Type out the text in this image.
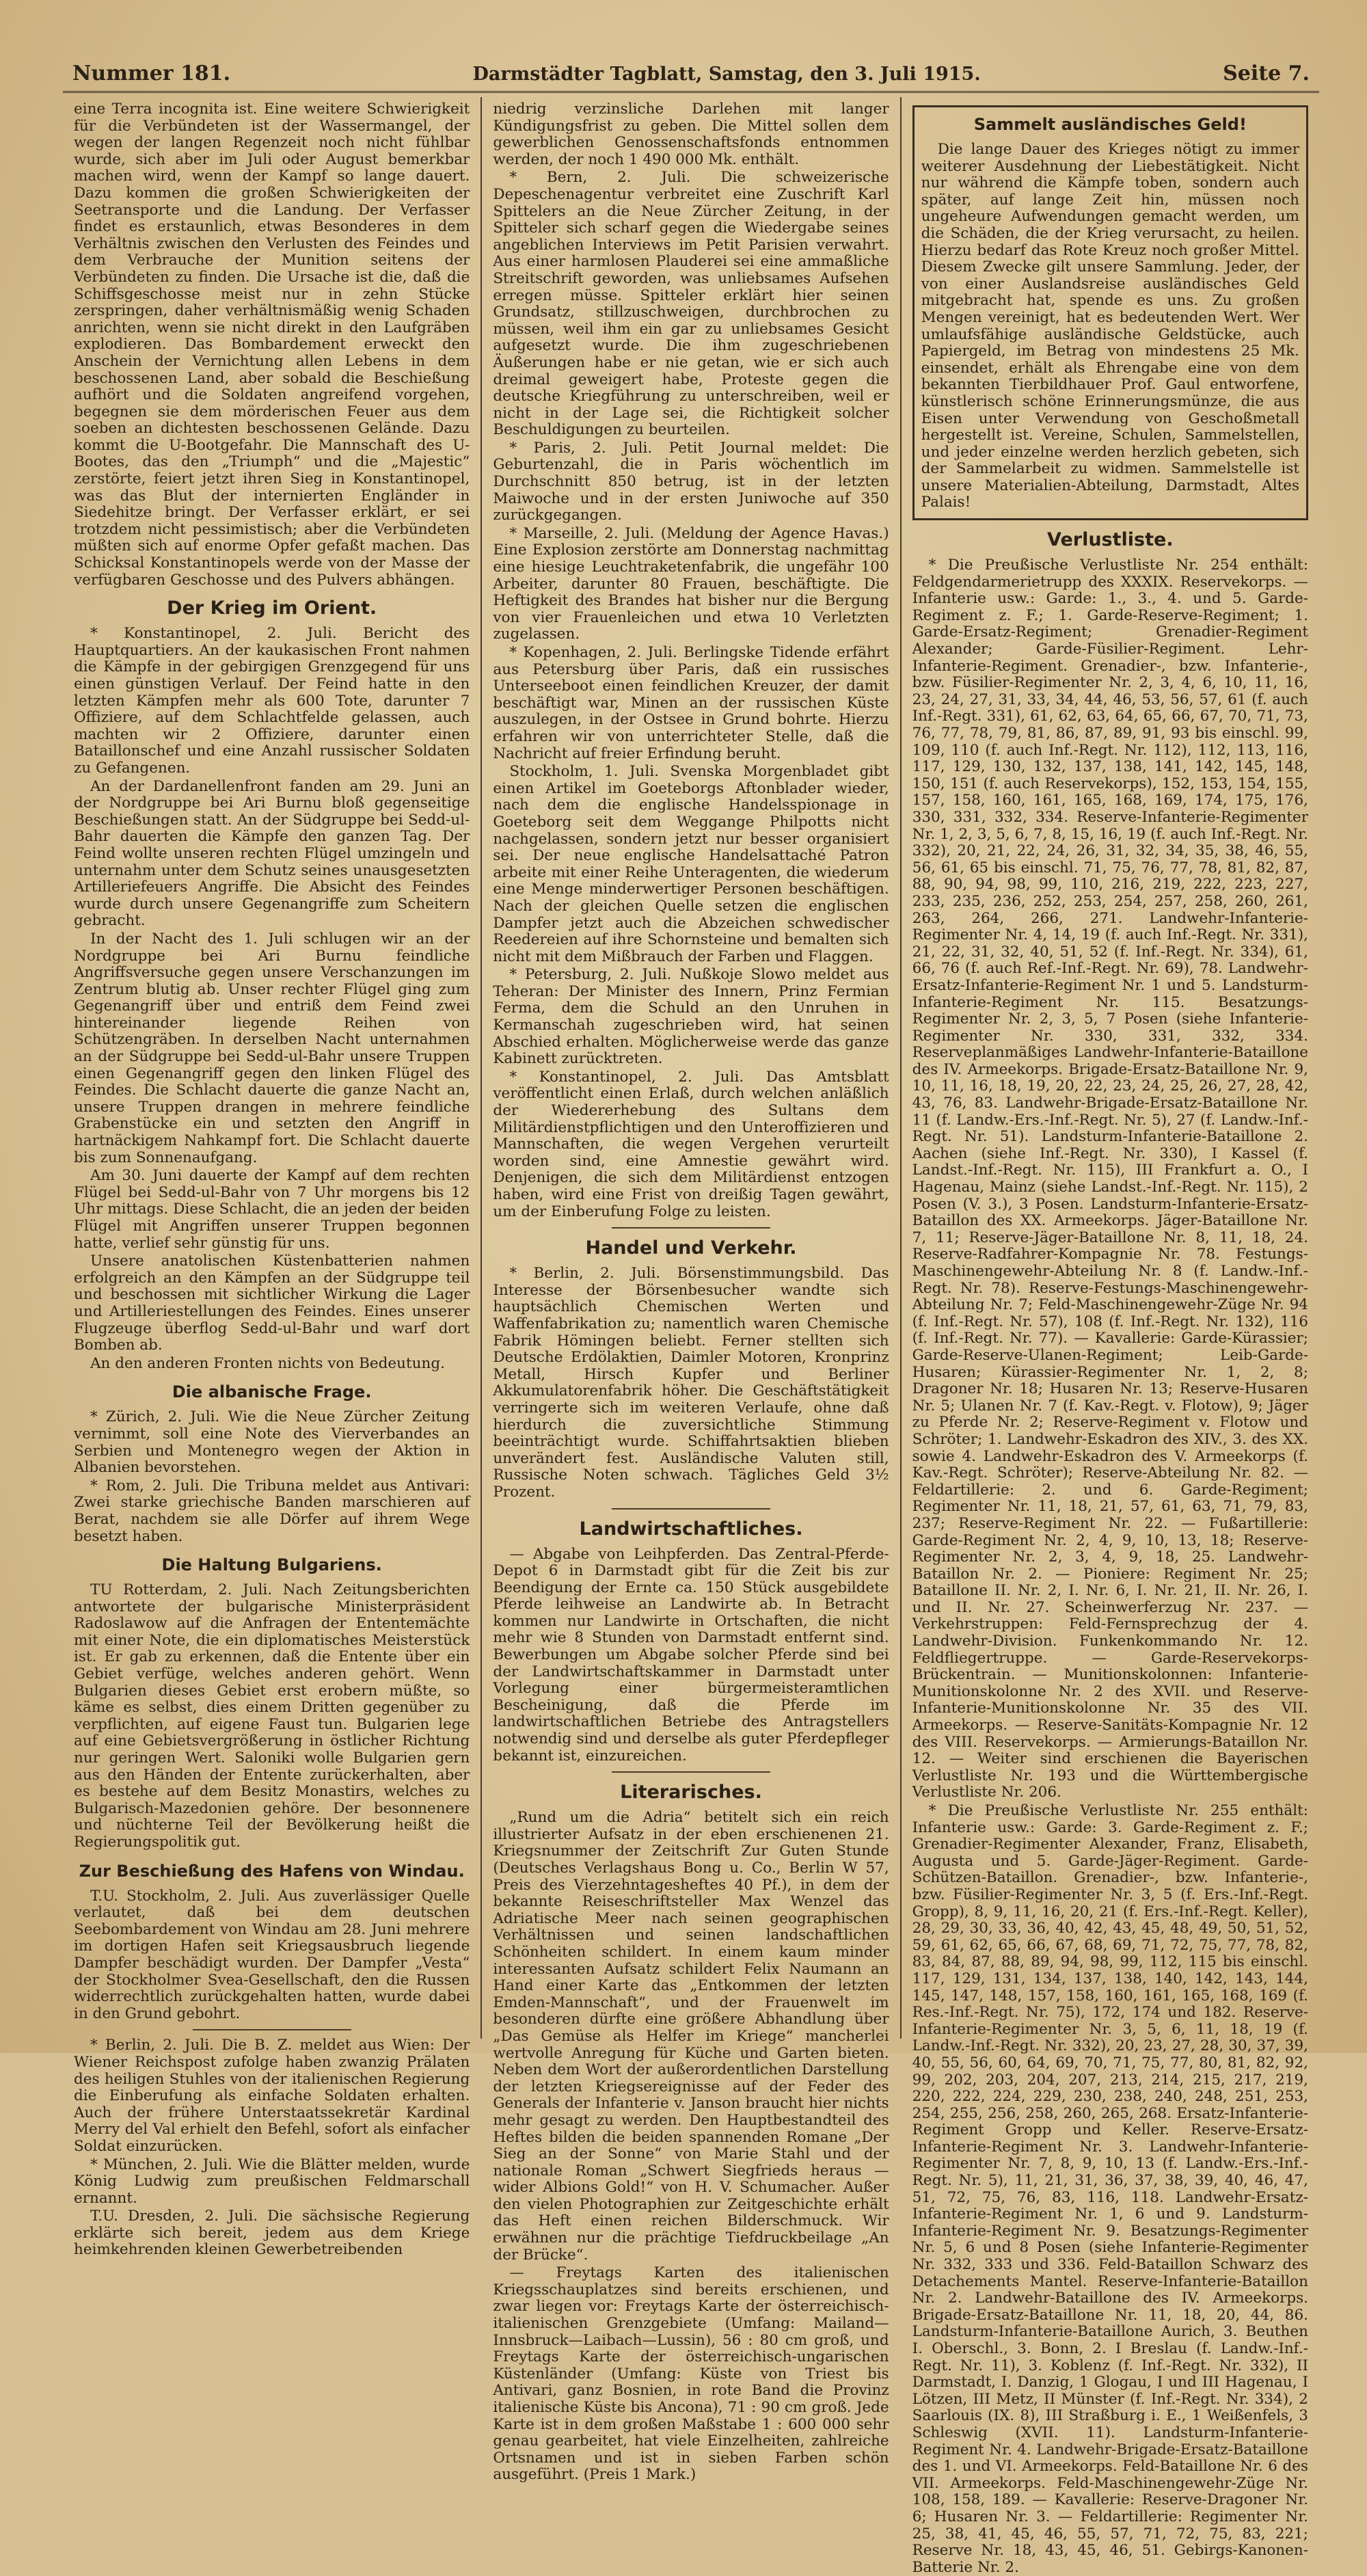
Nummer 181.	Darmstädter Tagblatt, Samstag, den 3. Juli 1915.	Seite 7.

eine Terra incognita ist. Eine weitere Schwierigkeit für die Verbündeten ist der Wassermangel, der wegen der langen Regenzeit noch nicht fühlbar wurde, sich aber im Juli oder August bemerkbar machen wird, wenn der Kampf so lange dauert. Dazu kommen die großen Schwierigkeiten der Seetransporte und die Landung. Der Verfasser findet es erstaunlich, etwas Besonderes in dem Verhältnis zwischen den Verlusten des Feindes und dem Verbrauche der Munition seitens der Verbündeten zu finden. Die Ursache ist die, daß die Schiffsgeschosse meist nur in zehn Stücke zerspringen, daher verhältnismäßig wenig Schaden anrichten, wenn sie nicht direkt in den Laufgräben explodieren. Das Bombardement erweckt den Anschein der Vernichtung allen Lebens in dem beschossenen Land, aber sobald die Beschießung aufhört und die Soldaten angreifend vorgehen, begegnen sie dem mörderischen Feuer aus dem soeben an dichtesten beschossenen Gelände. Dazu kommt die U-Bootgefahr. Die Mannschaft des U-Bootes, das den „Triumph“ und die „Majestic“ zerstörte, feiert jetzt ihren Sieg in Konstantinopel, was das Blut der internierten Engländer in Siedehitze bringt. Der Verfasser erklärt, er sei trotzdem nicht pessimistisch; aber die Verbündeten müßten sich auf enorme Opfer gefaßt machen. Das Schicksal Konstantinopels werde von der Masse der verfügbaren Geschosse und des Pulvers abhängen.

Der Krieg im Orient.

* Konstantinopel, 2. Juli. Bericht des Hauptquartiers. An der kaukasischen Front nahmen die Kämpfe in der gebirgigen Grenzgegend für uns einen günstigen Verlauf. Der Feind hatte in den letzten Kämpfen mehr als 600 Tote, darunter 7 Offiziere, auf dem Schlachtfelde gelassen, auch machten wir 2 Offiziere, darunter einen Bataillonschef und eine Anzahl russischer Soldaten zu Gefangenen.

An der Dardanellenfront fanden am 29. Juni an der Nordgruppe bei Ari Burnu bloß gegenseitige Beschießungen statt. An der Südgruppe bei Sedd-ul-Bahr dauerten die Kämpfe den ganzen Tag. Der Feind wollte unseren rechten Flügel umzingeln und unternahm unter dem Schutz seines unausgesetzten Artilleriefeuers Angriffe. Die Absicht des Feindes wurde durch unsere Gegenangriffe zum Scheitern gebracht.

In der Nacht des 1. Juli schlugen wir an der Nordgruppe bei Ari Burnu feindliche Angriffsversuche gegen unsere Verschanzungen im Zentrum blutig ab. Unser rechter Flügel ging zum Gegenangriff über und entriß dem Feind zwei hintereinander liegende Reihen von Schützengräben. In derselben Nacht unternahmen an der Südgruppe bei Sedd-ul-Bahr unsere Truppen einen Gegenangriff gegen den linken Flügel des Feindes. Die Schlacht dauerte die ganze Nacht an, unsere Truppen drangen in mehrere feindliche Grabenstücke ein und setzten den Angriff in hartnäckigem Nahkampf fort. Die Schlacht dauerte bis zum Sonnenaufgang.

Am 30. Juni dauerte der Kampf auf dem rechten Flügel bei Sedd-ul-Bahr von 7 Uhr morgens bis 12 Uhr mittags. Diese Schlacht, die an jeden der beiden Flügel mit Angriffen unserer Truppen begonnen hatte, verlief sehr günstig für uns.

Unsere anatolischen Küstenbatterien nahmen erfolgreich an den Kämpfen an der Südgruppe teil und beschossen mit sichtlicher Wirkung die Lager und Artilleriestellungen des Feindes. Eines unserer Flugzeuge überflog Sedd-ul-Bahr und warf dort Bomben ab.

An den anderen Fronten nichts von Bedeutung.

Die albanische Frage.

* Zürich, 2. Juli. Wie die Neue Zürcher Zeitung vernimmt, soll eine Note des Vierverbandes an Serbien und Montenegro wegen der Aktion in Albanien bevorstehen.

* Rom, 2. Juli. Die Tribuna meldet aus Antivari: Zwei starke griechische Banden marschieren auf Berat, nachdem sie alle Dörfer auf ihrem Wege besetzt haben.

Die Haltung Bulgariens.

TU Rotterdam, 2. Juli. Nach Zeitungsberichten antwortete der bulgarische Ministerpräsident Radoslawow auf die Anfragen der Ententemächte mit einer Note, die ein diplomatisches Meisterstück ist. Er gab zu erkennen, daß die Entente über ein Gebiet verfüge, welches anderen gehört. Wenn Bulgarien dieses Gebiet erst erobern müßte, so käme es selbst, dies einem Dritten gegenüber zu verpflichten, auf eigene Faust tun. Bulgarien lege auf eine Gebietsvergrößerung in östlicher Richtung nur geringen Wert. Saloniki wolle Bulgarien gern aus den Händen der Entente zurückerhalten, aber es bestehe auf dem Besitz Monastirs, welches zu Bulgarisch-Mazedonien gehöre. Der besonnenere und nüchterne Teil der Bevölkerung heißt die Regierungspolitik gut.

Zur Beschießung des Hafens von Windau.

T.U. Stockholm, 2. Juli. Aus zuverlässiger Quelle verlautet, daß bei dem deutschen Seebombardement von Windau am 28. Juni mehrere im dortigen Hafen seit Kriegsausbruch liegende Dampfer beschädigt wurden. Der Dampfer „Vesta“ der Stockholmer Svea-Gesellschaft, den die Russen widerrechtlich zurückgehalten hatten, wurde dabei in den Grund gebohrt.

* Berlin, 2. Juli. Die B. Z. meldet aus Wien: Der Wiener Reichspost zufolge haben zwanzig Prälaten des heiligen Stuhles von der italienischen Regierung die Einberufung als einfache Soldaten erhalten. Auch der frühere Unterstaatssekretär Kardinal Merry del Val erhielt den Befehl, sofort als einfacher Soldat einzurücken.

* München, 2. Juli. Wie die Blätter melden, wurde König Ludwig zum preußischen Feldmarschall ernannt.

T.U. Dresden, 2. Juli. Die sächsische Regierung erklärte sich bereit, jedem aus dem Kriege heimkehrenden kleinen Gewerbetreibenden

niedrig verzinsliche Darlehen mit langer Kündigungsfrist zu geben. Die Mittel sollen dem gewerblichen Genossenschaftsfonds entnommen werden, der noch 1 490 000 Mk. enthält.

* Bern, 2. Juli. Die schweizerische Depeschenagentur verbreitet eine Zuschrift Karl Spittelers an die Neue Zürcher Zeitung, in der Spitteler sich scharf gegen die Wiedergabe seines angeblichen Interviews im Petit Parisien verwahrt. Aus einer harmlosen Plauderei sei eine ammaßliche Streitschrift geworden, was unliebsames Aufsehen erregen müsse. Spitteler erklärt hier seinen Grundsatz, stillzuschweigen, durchbrochen zu müssen, weil ihm ein gar zu unliebsames Gesicht aufgesetzt wurde. Die ihm zugeschriebenen Äußerungen habe er nie getan, wie er sich auch dreimal geweigert habe, Proteste gegen die deutsche Kriegführung zu unterschreiben, weil er nicht in der Lage sei, die Richtigkeit solcher Beschuldigungen zu beurteilen.

* Paris, 2. Juli. Petit Journal meldet: Die Geburtenzahl, die in Paris wöchentlich im Durchschnitt 850 betrug, ist in der letzten Maiwoche und in der ersten Juniwoche auf 350 zurückgegangen.

* Marseille, 2. Juli. (Meldung der Agence Havas.) Eine Explosion zerstörte am Donnerstag nachmittag eine hiesige Leuchtraketenfabrik, die ungefähr 100 Arbeiter, darunter 80 Frauen, beschäftigte. Die Heftigkeit des Brandes hat bisher nur die Bergung von vier Frauenleichen und etwa 10 Verletzten zugelassen.

* Kopenhagen, 2. Juli. Berlingske Tidende erfährt aus Petersburg über Paris, daß ein russisches Unterseeboot einen feindlichen Kreuzer, der damit beschäftigt war, Minen an der russischen Küste auszulegen, in der Ostsee in Grund bohrte. Hierzu erfahren wir von unterrichteter Stelle, daß die Nachricht auf freier Erfindung beruht.

Stockholm, 1. Juli. Svenska Morgenbladet gibt einen Artikel im Goeteborgs Aftonblader wieder, nach dem die englische Handelsspionage in Goeteborg seit dem Weggange Philpotts nicht nachgelassen, sondern jetzt nur besser organisiert sei. Der neue englische Handelsattaché Patron arbeite mit einer Reihe Unteragenten, die wiederum eine Menge minderwertiger Personen beschäftigen. Nach der gleichen Quelle setzen die englischen Dampfer jetzt auch die Abzeichen schwedischer Reedereien auf ihre Schornsteine und bemalten sich nicht mit dem Mißbrauch der Farben und Flaggen.

* Petersburg, 2. Juli. Nußkoje Slowo meldet aus Teheran: Der Minister des Innern, Prinz Fermian Ferma, dem die Schuld an den Unruhen in Kermanschah zugeschrieben wird, hat seinen Abschied erhalten. Möglicherweise werde das ganze Kabinett zurücktreten.

* Konstantinopel, 2. Juli. Das Amtsblatt veröffentlicht einen Erlaß, durch welchen anläßlich der Wiedererhebung des Sultans dem Militärdienstpflichtigen und den Unteroffizieren und Mannschaften, die wegen Vergehen verurteilt worden sind, eine Amnestie gewährt wird. Denjenigen, die sich dem Militärdienst entzogen haben, wird eine Frist von dreißig Tagen gewährt, um der Einberufung Folge zu leisten.

Handel und Verkehr.

* Berlin, 2. Juli. Börsenstimmungsbild. Das Interesse der Börsenbesucher wandte sich hauptsächlich Chemischen Werten und Waffenfabrikation zu; namentlich waren Chemische Fabrik Hömingen beliebt. Ferner stellten sich Deutsche Erdölaktien, Daimler Motoren, Kronprinz Metall, Hirsch Kupfer und Berliner Akkumulatorenfabrik höher. Die Geschäftstätigkeit verringerte sich im weiteren Verlaufe, ohne daß hierdurch die zuversichtliche Stimmung beeinträchtigt wurde. Schiffahrtsaktien blieben unverändert fest. Ausländische Valuten still, Russische Noten schwach. Tägliches Geld 3½ Prozent.

Landwirtschaftliches.

— Abgabe von Leihpferden. Das Zentral-Pferde-Depot 6 in Darmstadt gibt für die Zeit bis zur Beendigung der Ernte ca. 150 Stück ausgebildete Pferde leihweise an Landwirte ab. In Betracht kommen nur Landwirte in Ortschaften, die nicht mehr wie 8 Stunden von Darmstadt entfernt sind. Bewerbungen um Abgabe solcher Pferde sind bei der Landwirtschaftskammer in Darmstadt unter Vorlegung einer bürgermeisteramtlichen Bescheinigung, daß die Pferde im landwirtschaftlichen Betriebe des Antragstellers notwendig sind und derselbe als guter Pferdepfleger bekannt ist, einzureichen.

Literarisches.

„Rund um die Adria“ betitelt sich ein reich illustrierter Aufsatz in der eben erschienenen 21. Kriegsnummer der Zeitschrift Zur Guten Stunde (Deutsches Verlagshaus Bong u. Co., Berlin W 57, Preis des Vierzehntagesheftes 40 Pf.), in dem der bekannte Reiseschriftsteller Max Wenzel das Adriatische Meer nach seinen geographischen Verhältnissen und seinen landschaftlichen Schönheiten schildert. In einem kaum minder interessanten Aufsatz schildert Felix Naumann an Hand einer Karte das „Entkommen der letzten Emden-Mannschaft“, und der Frauenwelt im besonderen dürfte eine größere Abhandlung über „Das Gemüse als Helfer im Kriege“ mancherlei wertvolle Anregung für Küche und Garten bieten. Neben dem Wort der außerordentlichen Darstellung der letzten Kriegsereignisse auf der Feder des Generals der Infanterie v. Janson braucht hier nichts mehr gesagt zu werden. Den Hauptbestandteil des Heftes bilden die beiden spannenden Romane „Der Sieg an der Sonne“ von Marie Stahl und der nationale Roman „Schwert Siegfrieds heraus — wider Albions Gold!“ von H. V. Schumacher. Außer den vielen Photographien zur Zeitgeschichte erhält das Heft einen reichen Bilderschmuck. Wir erwähnen nur die prächtige Tiefdruckbeilage „An der Brücke“.

— Freytags Karten des italienischen Kriegsschauplatzes sind bereits erschienen, und zwar liegen vor: Freytags Karte der österreichisch-italienischen Grenzgebiete (Umfang: Mailand—Innsbruck—Laibach—Lussin), 56 : 80 cm groß, und Freytags Karte der österreichisch-ungarischen Küstenländer (Umfang: Küste von Triest bis Antivari, ganz Bosnien, in rote Band die Provinz italienische Küste bis Ancona), 71 : 90 cm groß. Jede Karte ist in dem großen Maßstabe 1 : 600 000 sehr genau gearbeitet, hat viele Einzelheiten, zahlreiche Ortsnamen und ist in sieben Farben schön ausgeführt. (Preis 1 Mark.)

Sammelt ausländisches Geld!

Die lange Dauer des Krieges nötigt zu immer weiterer Ausdehnung der Liebestätigkeit. Nicht nur während die Kämpfe toben, sondern auch später, auf lange Zeit hin, müssen noch ungeheure Aufwendungen gemacht werden, um die Schäden, die der Krieg verursacht, zu heilen. Hierzu bedarf das Rote Kreuz noch großer Mittel. Diesem Zwecke gilt unsere Sammlung. Jeder, der von einer Auslandsreise ausländisches Geld mitgebracht hat, spende es uns. Zu großen Mengen vereinigt, hat es bedeutenden Wert. Wer umlaufsfähige ausländische Geldstücke, auch Papiergeld, im Betrag von mindestens 25 Mk. einsendet, erhält als Ehrengabe eine von dem bekannten Tierbildhauer Prof. Gaul entworfene, künstlerisch schöne Erinnerungsmünze, die aus Eisen unter Verwendung von Geschoßmetall hergestellt ist. Vereine, Schulen, Sammelstellen, und jeder einzelne werden herzlich gebeten, sich der Sammelarbeit zu widmen. Sammelstelle ist unsere Materialien-Abteilung, Darmstadt, Altes Palais!

Verlustliste.

* Die Preußische Verlustliste Nr. 254 enthält: Feldgendarmerietrupp des XXXIX. Reservekorps. — Infanterie usw.: Garde: 1., 3., 4. und 5. Garde-Regiment z. F.; 1. Garde-Reserve-Regiment; 1. Garde-Ersatz-Regiment; Grenadier-Regiment Alexander; Garde-Füsilier-Regiment. Lehr-Infanterie-Regiment. Grenadier-, bzw. Infanterie-, bzw. Füsilier-Regimenter Nr. 2, 3, 4, 6, 10, 11, 16, 23, 24, 27, 31, 33, 34, 44, 46, 53, 56, 57, 61 (f. auch Inf.-Regt. 331), 61, 62, 63, 64, 65, 66, 67, 70, 71, 73, 76, 77, 78, 79, 81, 86, 87, 89, 91, 93 bis einschl. 99, 109, 110 (f. auch Inf.-Regt. Nr. 112), 112, 113, 116, 117, 129, 130, 132, 137, 138, 141, 142, 145, 148, 150, 151 (f. auch Reservekorps), 152, 153, 154, 155, 157, 158, 160, 161, 165, 168, 169, 174, 175, 176, 330, 331, 332, 334. Reserve-Infanterie-Regimenter Nr. 1, 2, 3, 5, 6, 7, 8, 15, 16, 19 (f. auch Inf.-Regt. Nr. 332), 20, 21, 22, 24, 26, 31, 32, 34, 35, 38, 46, 55, 56, 61, 65 bis einschl. 71, 75, 76, 77, 78, 81, 82, 87, 88, 90, 94, 98, 99, 110, 216, 219, 222, 223, 227, 233, 235, 236, 252, 253, 254, 257, 258, 260, 261, 263, 264, 266, 271. Landwehr-Infanterie-Regimenter Nr. 4, 14, 19 (f. auch Inf.-Regt. Nr. 331), 21, 22, 31, 32, 40, 51, 52 (f. Inf.-Regt. Nr. 334), 61, 66, 76 (f. auch Ref.-Inf.-Regt. Nr. 69), 78. Landwehr-Ersatz-Infanterie-Regiment Nr. 1 und 5. Landsturm-Infanterie-Regiment Nr. 115. Besatzungs-Regimenter Nr. 2, 3, 5, 7 Posen (siehe Infanterie-Regimenter Nr. 330, 331, 332, 334. Reserveplanmäßiges Landwehr-Infanterie-Bataillone des IV. Armeekorps. Brigade-Ersatz-Bataillone Nr. 9, 10, 11, 16, 18, 19, 20, 22, 23, 24, 25, 26, 27, 28, 42, 43, 76, 83. Landwehr-Brigade-Ersatz-Bataillone Nr. 11 (f. Landw.-Ers.-Inf.-Regt. Nr. 5), 27 (f. Landw.-Inf.-Regt. Nr. 51). Landsturm-Infanterie-Bataillone 2. Aachen (siehe Inf.-Regt. Nr. 330), I Kassel (f. Landst.-Inf.-Regt. Nr. 115), III Frankfurt a. O., I Hagenau, Mainz (siehe Landst.-Inf.-Regt. Nr. 115), 2 Posen (V. 3.), 3 Posen. Landsturm-Infanterie-Ersatz-Bataillon des XX. Armeekorps. Jäger-Bataillone Nr. 7, 11; Reserve-Jäger-Bataillone Nr. 8, 11, 18, 24. Reserve-Radfahrer-Kompagnie Nr. 78. Festungs-Maschinengewehr-Abteilung Nr. 8 (f. Landw.-Inf.-Regt. Nr. 78). Reserve-Festungs-Maschinengewehr-Abteilung Nr. 7; Feld-Maschinengewehr-Züge Nr. 94 (f. Inf.-Regt. Nr. 57), 108 (f. Inf.-Regt. Nr. 132), 116 (f. Inf.-Regt. Nr. 77). — Kavallerie: Garde-Kürassier; Garde-Reserve-Ulanen-Regiment; Leib-Garde-Husaren; Kürassier-Regimenter Nr. 1, 2, 8; Dragoner Nr. 18; Husaren Nr. 13; Reserve-Husaren Nr. 5; Ulanen Nr. 7 (f. Kav.-Regt. v. Flotow), 9; Jäger zu Pferde Nr. 2; Reserve-Regiment v. Flotow und Schröter; 1. Landwehr-Eskadron des XIV., 3. des XX. sowie 4. Landwehr-Eskadron des V. Armeekorps (f. Kav.-Regt. Schröter); Reserve-Abteilung Nr. 82. — Feldartillerie: 2. und 6. Garde-Regiment; Regimenter Nr. 11, 18, 21, 57, 61, 63, 71, 79, 83, 237; Reserve-Regiment Nr. 22. — Fußartillerie: Garde-Regiment Nr. 2, 4, 9, 10, 13, 18; Reserve-Regimenter Nr. 2, 3, 4, 9, 18, 25. Landwehr-Bataillon Nr. 2. — Pioniere: Regiment Nr. 25; Bataillone II. Nr. 2, I. Nr. 6, I. Nr. 21, II. Nr. 26, I. und II. Nr. 27. Scheinwerferzug Nr. 237. — Verkehrstruppen: Feld-Fernsprechzug der 4. Landwehr-Division. Funkenkommando Nr. 12. Feldfliegertruppe. — Garde-Reservekorps-Brückentrain. — Munitionskolonnen: Infanterie-Munitionskolonne Nr. 2 des XVII. und Reserve-Infanterie-Munitionskolonne Nr. 35 des VII. Armeekorps. — Reserve-Sanitäts-Kompagnie Nr. 12 des VIII. Reservekorps. — Armierungs-Bataillon Nr. 12. — Weiter sind erschienen die Bayerischen Verlustliste Nr. 193 und die Württembergische Verlustliste Nr. 206.

* Die Preußische Verlustliste Nr. 255 enthält: Infanterie usw.: Garde: 3. Garde-Regiment z. F.; Grenadier-Regimenter Alexander, Franz, Elisabeth, Augusta und 5. Garde-Jäger-Regiment. Garde-Schützen-Bataillon. Grenadier-, bzw. Infanterie-, bzw. Füsilier-Regimenter Nr. 3, 5 (f. Ers.-Inf.-Regt. Gropp), 8, 9, 11, 16, 20, 21 (f. Ers.-Inf.-Regt. Keller), 28, 29, 30, 33, 36, 40, 42, 43, 45, 48, 49, 50, 51, 52, 59, 61, 62, 65, 66, 67, 68, 69, 71, 72, 75, 77, 78, 82, 83, 84, 87, 88, 89, 94, 98, 99, 112, 115 bis einschl. 117, 129, 131, 134, 137, 138, 140, 142, 143, 144, 145, 147, 148, 157, 158, 160, 161, 165, 168, 169 (f. Res.-Inf.-Regt. Nr. 75), 172, 174 und 182. Reserve-Infanterie-Regimenter Nr. 3, 5, 6, 11, 18, 19 (f. Landw.-Inf.-Regt. Nr. 332), 20, 23, 27, 28, 30, 37, 39, 40, 55, 56, 60, 64, 69, 70, 71, 75, 77, 80, 81, 82, 92, 99, 202, 203, 204, 207, 213, 214, 215, 217, 219, 220, 222, 224, 229, 230, 238, 240, 248, 251, 253, 254, 255, 256, 258, 260, 265, 268. Ersatz-Infanterie-Regiment Gropp und Keller. Reserve-Ersatz-Infanterie-Regiment Nr. 3. Landwehr-Infanterie-Regimenter Nr. 7, 8, 9, 10, 13 (f. Landw.-Ers.-Inf.-Regt. Nr. 5), 11, 21, 31, 36, 37, 38, 39, 40, 46, 47, 51, 72, 75, 76, 83, 116, 118. Landwehr-Ersatz-Infanterie-Regiment Nr. 1, 6 und 9. Landsturm-Infanterie-Regiment Nr. 9. Besatzungs-Regimenter Nr. 5, 6 und 8 Posen (siehe Infanterie-Regimenter Nr. 332, 333 und 336. Feld-Bataillon Schwarz des Detachements Mantel. Reserve-Infanterie-Bataillon Nr. 2. Landwehr-Bataillone des IV. Armeekorps. Brigade-Ersatz-Bataillone Nr. 11, 18, 20, 44, 86. Landsturm-Infanterie-Bataillone Aurich, 3. Beuthen I. Oberschl., 3. Bonn, 2. I Breslau (f. Landw.-Inf.-Regt. Nr. 11), 3. Koblenz (f. Inf.-Regt. Nr. 332), II Darmstadt, I. Danzig, 1 Glogau, I und III Hagenau, I Lötzen, III Metz, II Münster (f. Inf.-Regt. Nr. 334), 2 Saarlouis (IX. 8), III Straßburg i. E., 1 Weißenfels, 3 Schleswig (XVII. 11). Landsturm-Infanterie-Regiment Nr. 4. Landwehr-Brigade-Ersatz-Bataillone des 1. und VI. Armeekorps. Feld-Bataillone Nr. 6 des VII. Armeekorps. Feld-Maschinengewehr-Züge Nr. 108, 158, 189. — Kavallerie: Reserve-Dragoner Nr. 6; Husaren Nr. 3. — Feldartillerie: Regimenter Nr. 25, 38, 41, 45, 46, 55, 57, 71, 72, 75, 83, 221; Reserve Nr. 18, 43, 45, 46, 51. Gebirgs-Kanonen-Batterie Nr. 2.
